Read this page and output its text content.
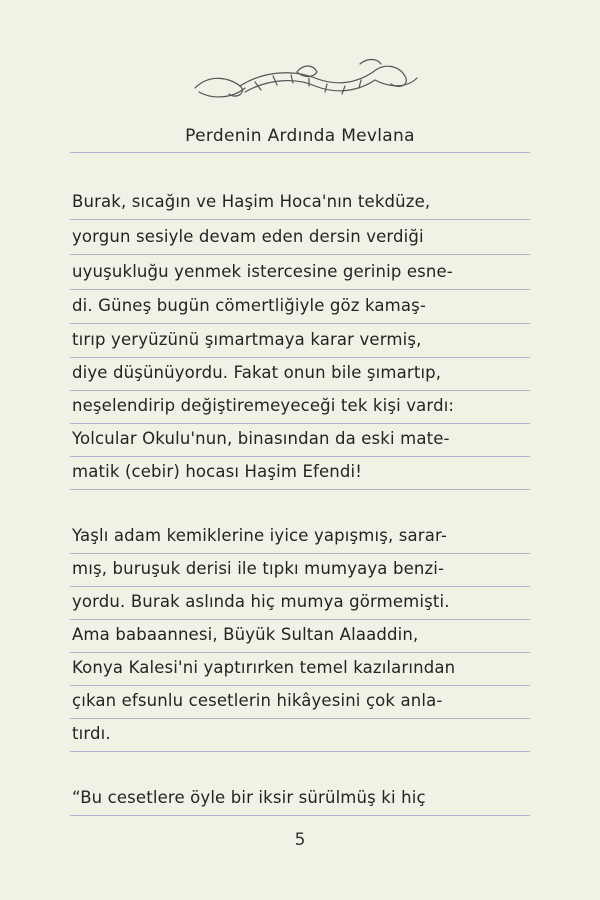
Perdenin Ardında Mevlana
Burak, sıcağın ve Haşim Hoca'nın tekdüze,
yorgun sesiyle devam eden dersin verdiği
uyuşukluğu yenmek istercesine gerinip esne-
di. Güneş bugün cömertliğiyle göz kamaş-
tırıp yeryüzünü şımartmaya karar vermiş,
diye düşünüyordu. Fakat onun bile şımartıp,
neşelendirip değiştiremeyeceği tek kişi vardı:
Yolcular Okulu'nun, binasından da eski mate-
matik (cebir) hocası Haşim Efendi!
Yaşlı adam kemiklerine iyice yapışmış, sarar-
mış, buruşuk derisi ile tıpkı mumyaya benzi-
yordu. Burak aslında hiç mumya görmemişti.
Ama babaannesi, Büyük Sultan Alaaddin,
Konya Kalesi'ni yaptırırken temel kazılarından
çıkan efsunlu cesetlerin hikâyesini çok anla-
tırdı.
“Bu cesetlere öyle bir iksir sürülmüş ki hiç
5
